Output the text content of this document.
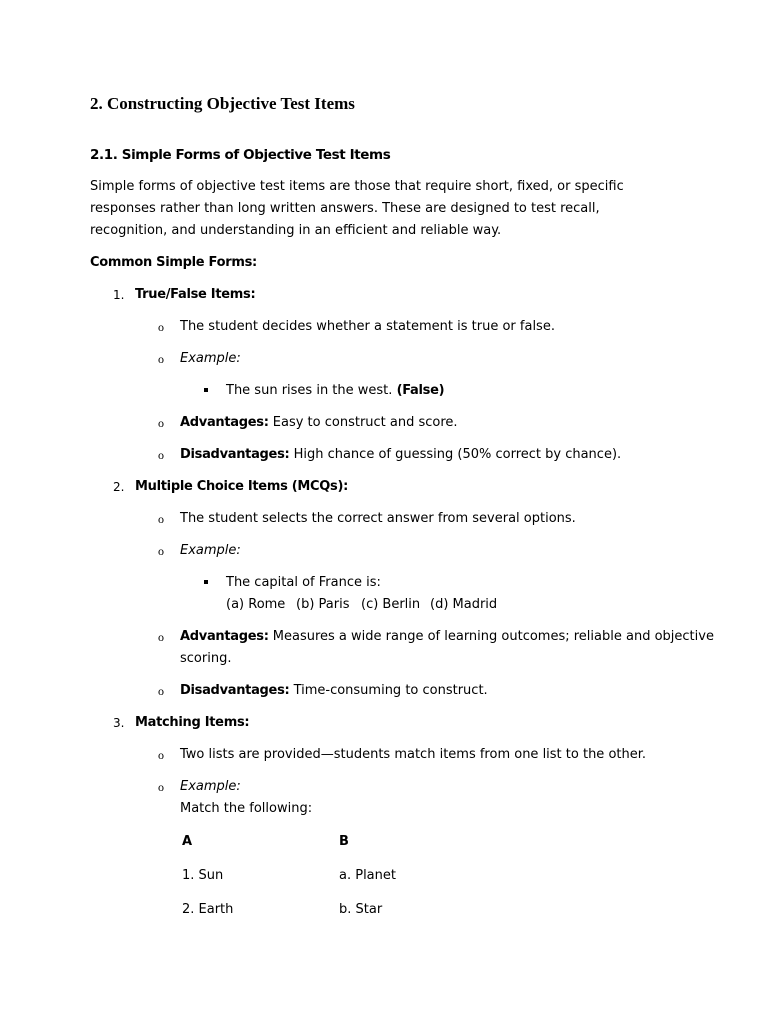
2. Constructing Objective Test Items
2.1. Simple Forms of Objective Test Items
Simple forms of objective test items are those that require short, fixed, or specific responses rather than long written answers. These are designed to test recall, recognition, and understanding in an efficient and reliable way.
Common Simple Forms:
1. True/False Items:
o The student decides whether a statement is true or false.
o Example:
The sun rises in the west. (False)
o Advantages: Easy to construct and score.
o Disadvantages: High chance of guessing (50% correct by chance).
2. Multiple Choice Items (MCQs):
o The student selects the correct answer from several options.
o Example:
The capital of France is:
(a) Rome (b) Paris (c) Berlin (d) Madrid
o Advantages: Measures a wide range of learning outcomes; reliable and objective
scoring.
o Disadvantages: Time-consuming to construct.
3. Matching Items:
o Two lists are provided—students match items from one list to the other.
o Example:
Match the following:
A	B
1. Sun	a. Planet
2. Earth	b. Star
